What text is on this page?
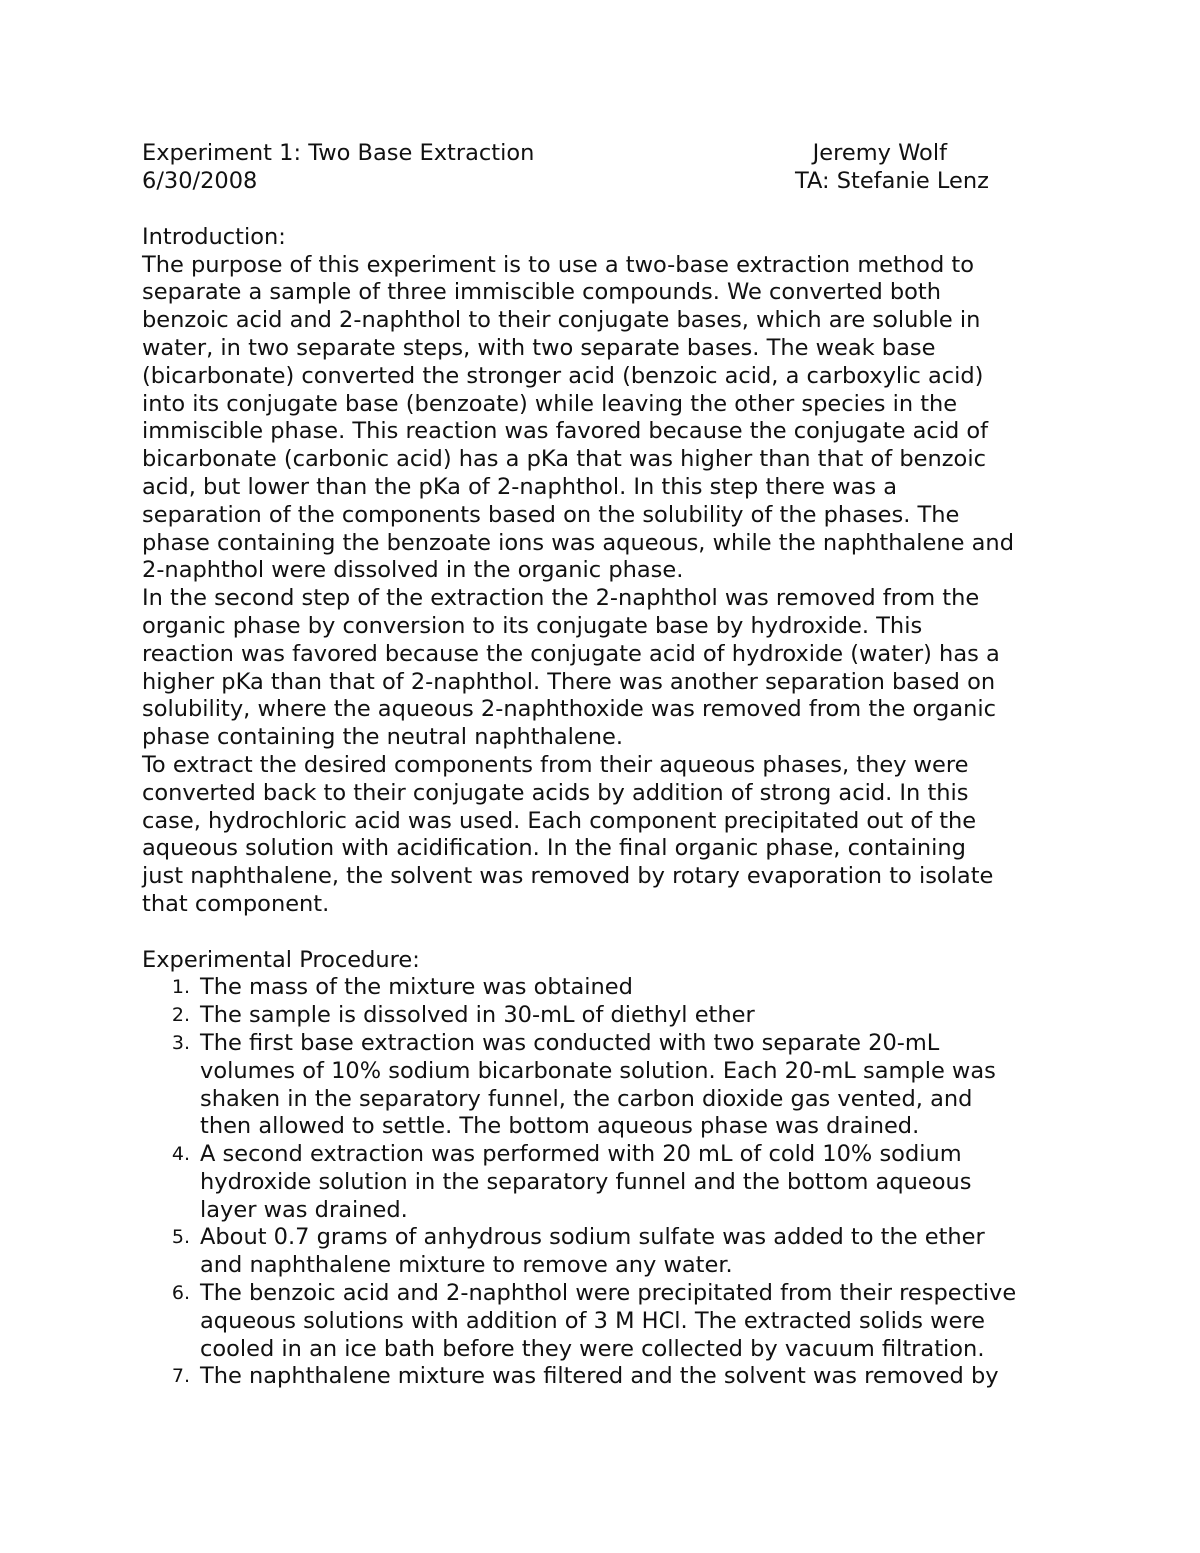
Experiment 1: Two Base Extraction
6/30/2008
Jeremy Wolf
TA: Stefanie Lenz
Introduction:
The purpose of this experiment is to use a two-base extraction method to
separate a sample of three immiscible compounds. We converted both
benzoic acid and 2-naphthol to their conjugate bases, which are soluble in
water, in two separate steps, with two separate bases. The weak base
(bicarbonate) converted the stronger acid (benzoic acid, a carboxylic acid)
into its conjugate base (benzoate) while leaving the other species in the
immiscible phase. This reaction was favored because the conjugate acid of
bicarbonate (carbonic acid) has a pKa that was higher than that of benzoic
acid, but lower than the pKa of 2-naphthol. In this step there was a
separation of the components based on the solubility of the phases. The
phase containing the benzoate ions was aqueous, while the naphthalene and
2-naphthol were dissolved in the organic phase.
In the second step of the extraction the 2-naphthol was removed from the
organic phase by conversion to its conjugate base by hydroxide. This
reaction was favored because the conjugate acid of hydroxide (water) has a
higher pKa than that of 2-naphthol. There was another separation based on
solubility, where the aqueous 2-naphthoxide was removed from the organic
phase containing the neutral naphthalene.
To extract the desired components from their aqueous phases, they were
converted back to their conjugate acids by addition of strong acid. In this
case, hydrochloric acid was used. Each component precipitated out of the
aqueous solution with acidification. In the final organic phase, containing
just naphthalene, the solvent was removed by rotary evaporation to isolate
that component.
Experimental Procedure:
1. The mass of the mixture was obtained
2. The sample is dissolved in 30-mL of diethyl ether
3. The first base extraction was conducted with two separate 20-mL
volumes of 10% sodium bicarbonate solution. Each 20-mL sample was
shaken in the separatory funnel, the carbon dioxide gas vented, and
then allowed to settle. The bottom aqueous phase was drained.
4. A second extraction was performed with 20 mL of cold 10% sodium
hydroxide solution in the separatory funnel and the bottom aqueous
layer was drained.
5. About 0.7 grams of anhydrous sodium sulfate was added to the ether
and naphthalene mixture to remove any water.
6. The benzoic acid and 2-naphthol were precipitated from their respective
aqueous solutions with addition of 3 M HCl. The extracted solids were
cooled in an ice bath before they were collected by vacuum filtration.
7. The naphthalene mixture was filtered and the solvent was removed by
